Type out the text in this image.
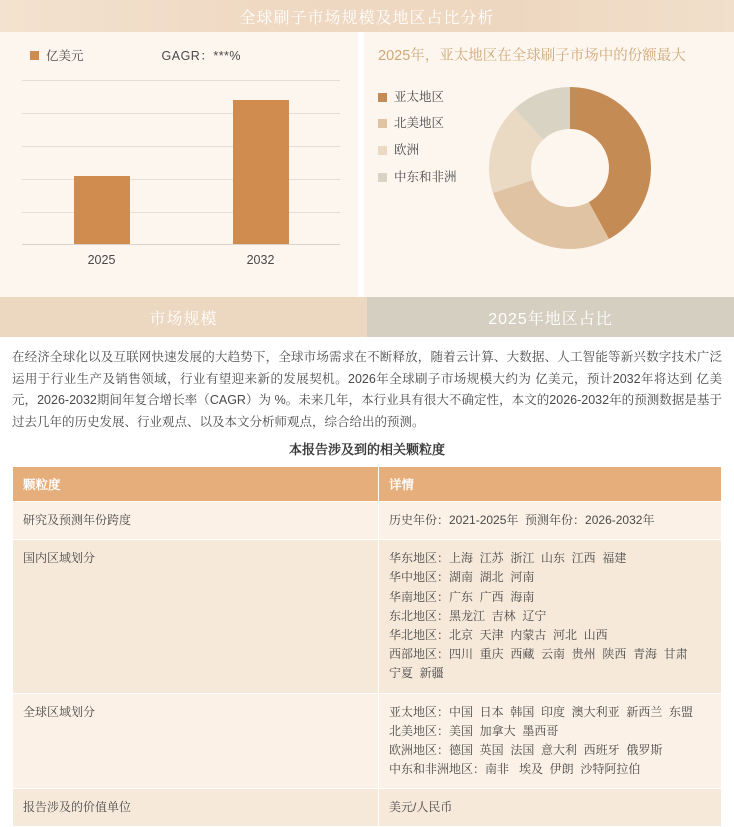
全球刷子市场规模及地区占比分析
亿美元	GAGR：***%
2025	2032
2025年，亚太地区在全球刷子市场中的份额最大
亚太地区
北美地区
欧洲
中东和非洲
市场规模	2025年地区占比
在经济全球化以及互联网快速发展的大趋势下，全球市场需求在不断释放，随着云计算、大数据、人工智能等新兴数字技术广泛运用于行业生产及销售领域，行业有望迎来新的发展契机。2026年全球刷子市场规模大约为 亿美元，预计2032年将达到 亿美元，2026-2032期间年复合增长率（CAGR）为 %。未来几年，本行业具有很大不确定性，本文的2026-2032年的预测数据是基于过去几年的历史发展、行业观点、以及本文分析师观点，综合给出的预测。
本报告涉及到的相关颗粒度
颗粒度	详情
研究及预测年份跨度	历史年份：2021-2025年  预测年份：2026-2032年

国内区域划分	华东地区：上海  江苏  浙江  山东  江西  福建
华中地区：湖南  湖北  河南
华南地区：广东  广西  海南
东北地区：黑龙江  吉林  辽宁
华北地区：北京  天津  内蒙古  河北  山西
西部地区：四川  重庆  西藏  云南  贵州  陕西  青海  甘肃
宁夏  新疆

全球区域划分	亚太地区：中国  日本  韩国  印度  澳大利亚  新西兰  东盟
北美地区：美国  加拿大  墨西哥
欧洲地区：德国  英国  法国  意大利  西班牙  俄罗斯
中东和非洲地区：南非   埃及  伊朗  沙特阿拉伯

报告涉及的价值单位	美元/人民币
